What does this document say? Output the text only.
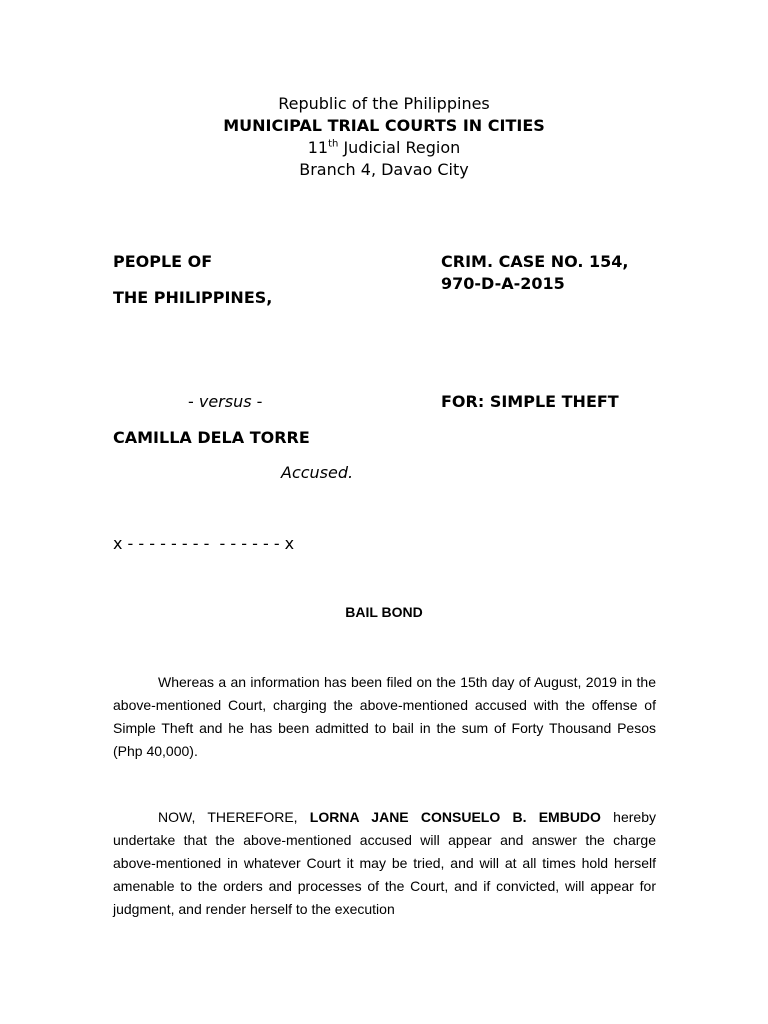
Republic of the Philippines
MUNICIPAL TRIAL COURTS IN CITIES
11th Judicial Region
Branch 4, Davao City
PEOPLE OF
THE PHILIPPINES,
CRIM. CASE NO. 154,
970-D-A-2015
- versus -	FOR: SIMPLE THEFT
CAMILLA DELA TORRE
Accused.
x - - - - - - - -  - - - - - - x
BAIL BOND
Whereas a an information has been filed on the 15th day of August, 2019 in the above-mentioned Court, charging the above-mentioned accused with the offense of Simple Theft and he has been admitted to bail in the sum of Forty Thousand Pesos (Php 40,000).
NOW, THEREFORE, LORNA JANE CONSUELO B. EMBUDO hereby undertake that the above-mentioned accused will appear and answer the charge above-mentioned in whatever Court it may be tried, and will at all times hold herself amenable to the orders and processes of the Court, and if convicted, will appear for judgment, and render herself to the execution
